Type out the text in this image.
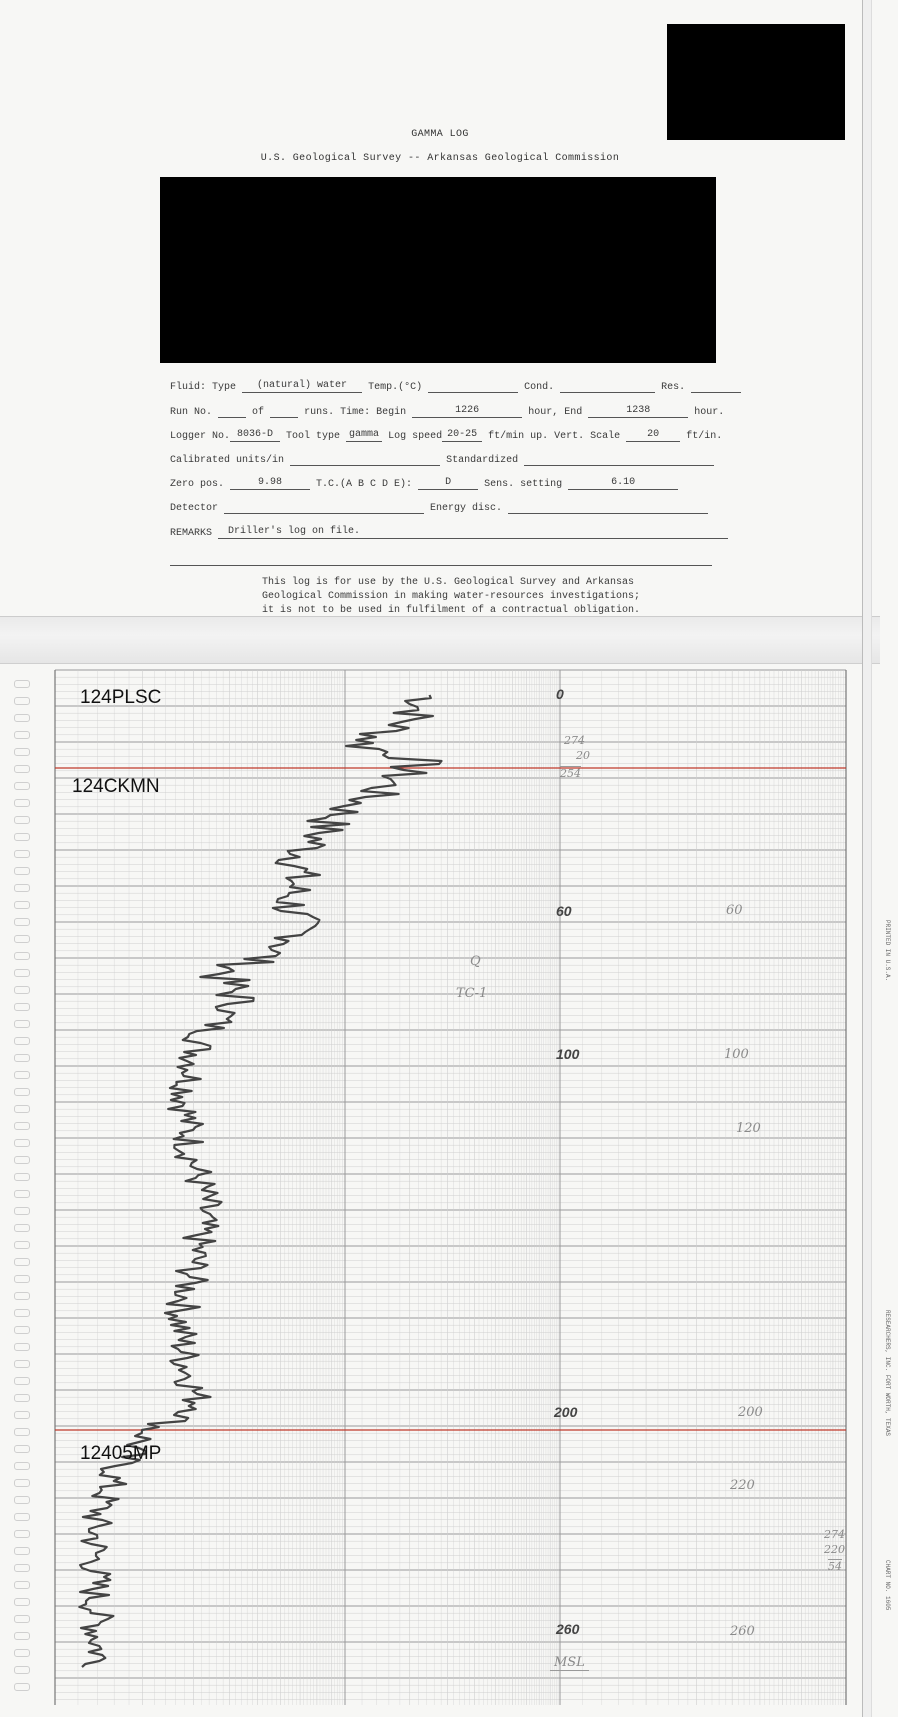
GAMMA LOG
U.S. Geological Survey -- Arkansas Geological Commission
Fluid: Type (natural) water Temp.(°C)	Cond.	Res.
Run No.	of	runs. Time: Begin	1226	hour, End	1238	hour.
Logger No. 8036-D Tool type gamma Log speed 20-25 ft/min up. Vert. Scale	20	ft/in.
Calibrated units/in	Standardized
Zero pos.	9.98	T.C.(A B C D E):	D	Sens. setting	6.10
Detector	Energy disc.
REMARKS Driller's log on file.
This log is for use by the U.S. Geological Survey and Arkansas
Geological Commission in making water-resources investigations;
it is not to be used in fulfilment of a contractual obligation.
124PLSC
124CKMN
12405MP
0
60
100
200
260
60
100
120
200
220
260
274
20
254
274
220
54
Q
TC-1
MSL
PRINTED IN U.S.A.
RESEARCHERS, INC. FORT WORTH, TEXAS
CHART NO. 1605
